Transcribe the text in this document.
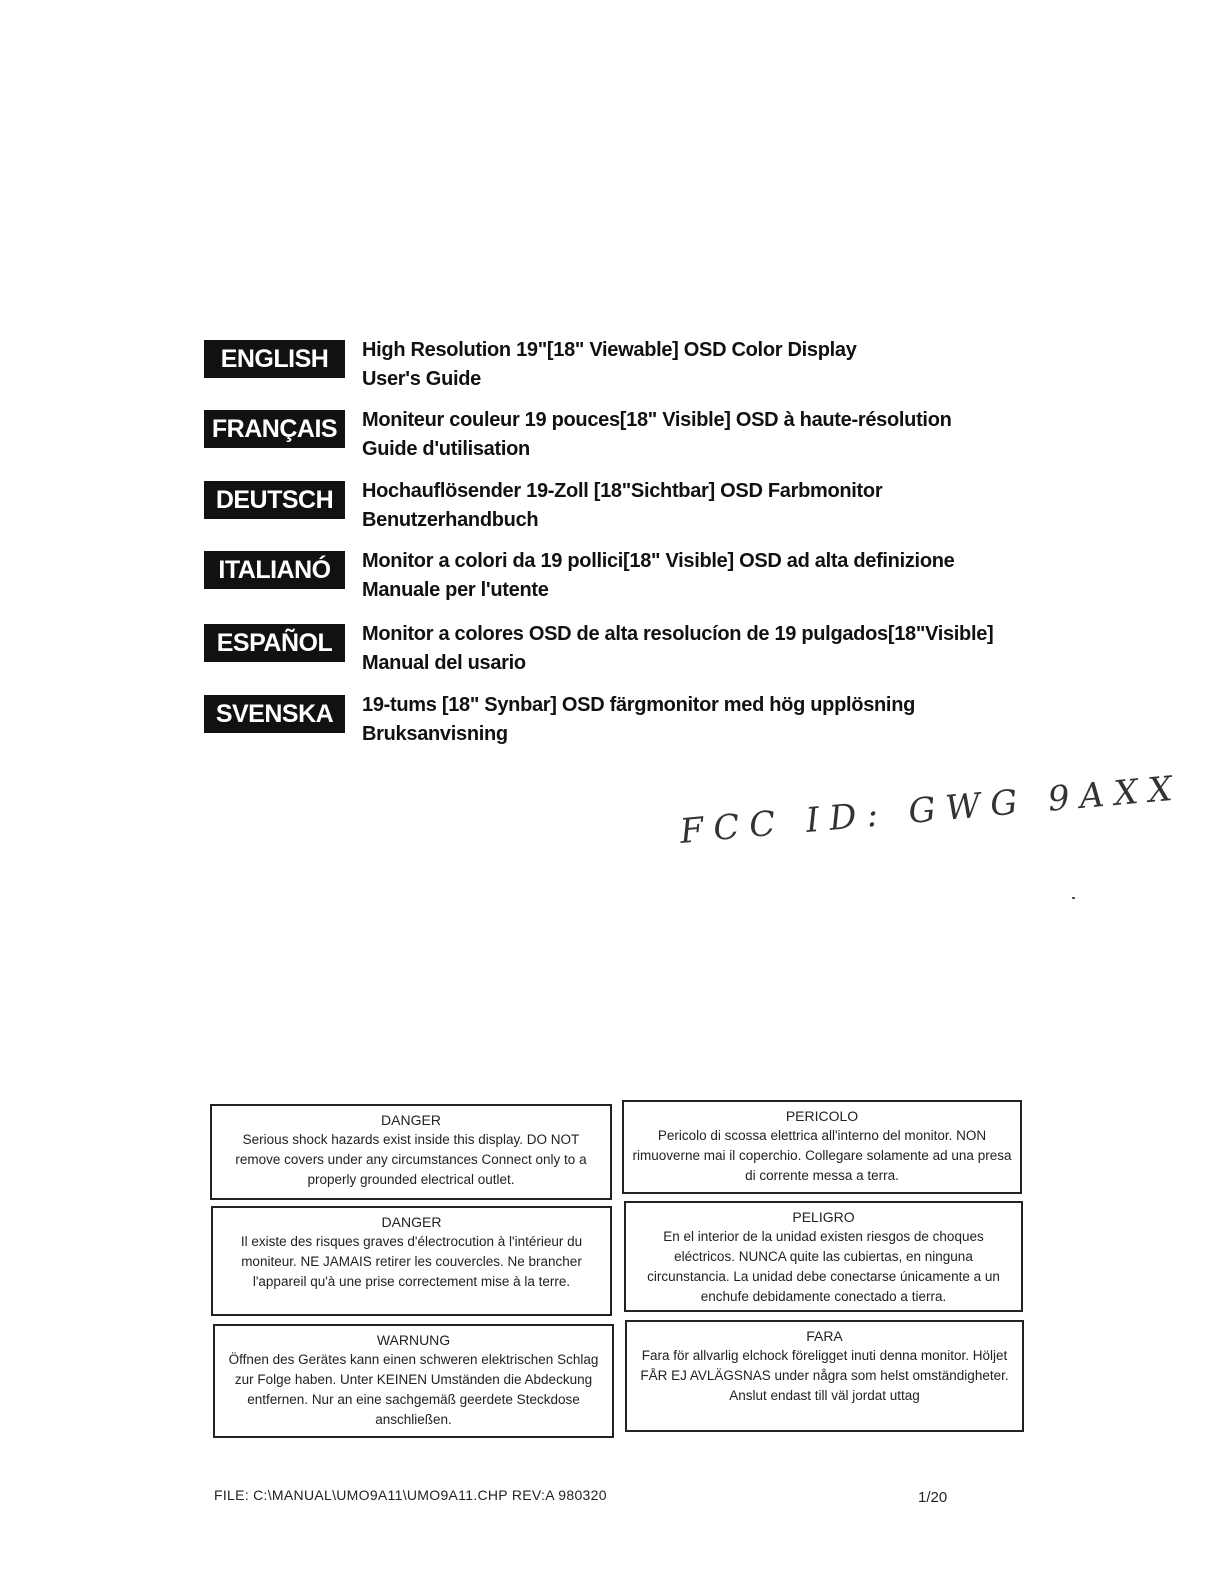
ENGLISH	High Resolution 19"[18" Viewable] OSD Color Display
User's Guide
FRANÇAIS	Moniteur couleur 19 pouces[18" Visible] OSD à haute-résolution
Guide d'utilisation
DEUTSCH	Hochauflösender 19-Zoll [18"Sichtbar] OSD Farbmonitor
Benutzerhandbuch
ITALIANÓ	Monitor a colori da 19 pollici[18" Visible] OSD ad alta definizione
Manuale per l'utente
ESPAÑOL	Monitor a colores OSD de alta resolucíon de 19 pulgados[18"Visible]
Manual del usario
SVENSKA	19-tums [18" Synbar] OSD färgmonitor med hög upplösning
Bruksanvisning
FCC ID: GWG 9AXX
DANGER
Serious shock hazards exist inside this display. DO NOT remove covers under any circumstances Connect only to a properly grounded electrical outlet.
PERICOLO
Pericolo di scossa elettrica all'interno del monitor. NON rimuoverne mai il coperchio. Collegare solamente ad una presa di corrente messa a terra.
DANGER
Il existe des risques graves d'électrocution à l'intérieur du moniteur. NE JAMAIS retirer les couvercles. Ne brancher l'appareil qu'à une prise correctement mise à la terre.
PELIGRO
En el interior de la unidad existen riesgos de choques eléctricos. NUNCA quite las cubiertas, en ninguna circunstancia. La unidad debe conectarse únicamente a un enchufe debidamente conectado a tierra.
WARNUNG
Öffnen des Gerätes kann einen schweren elektrischen Schlag zur Folge haben. Unter KEINEN Umständen die Abdeckung entfernen. Nur an eine sachgemäß geerdete Steckdose anschließen.
FARA
Fara för allvarlig elchock föreligget inuti denna monitor. Höljet FÅR EJ AVLÄGSNAS under några som helst omständigheter. Anslut endast till väl jordat uttag
FILE: C:\MANUAL\UMO9A11\UMO9A11.CHP REV:A 980320	1/20
